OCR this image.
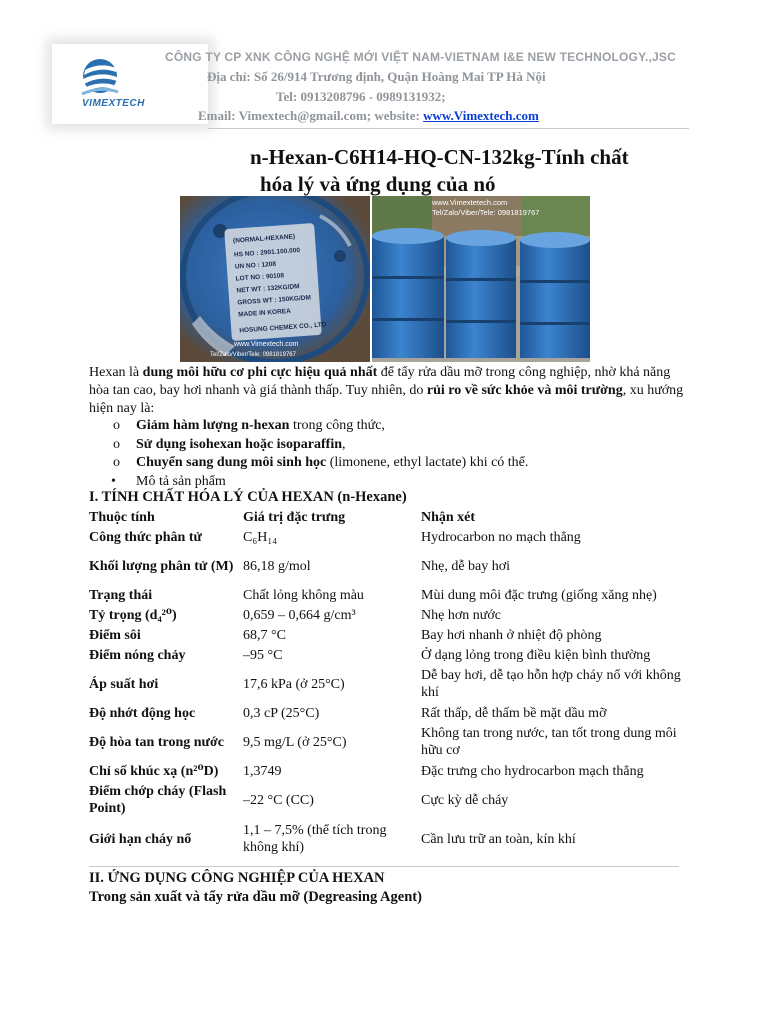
VIMEXTECH
CÔNG TY CP XNK CÔNG NGHỆ MỚI VIỆT NAM-VIETNAM I&E NEW TECHNOLOGY.,JSC
Địa chỉ: Số 26/914 Trương định, Quận Hoàng Mai TP Hà Nội
Tel: 0913208796 - 0989131932;
Email: Vimextech@gmail.com; website: www.Vimextech.com
n-Hexan-C6H14-HQ-CN-132kg-Tính chất
hóa lý và ứng dụng của nó
(NORMAL-HEXANE)
HS NO : 2901.100.000
UN NO : 1208
LOT NO : 90108
NET WT : 132KG/DM
GROSS WT : 150KG/DM
MADE IN KOREA
HOSUNG CHEMEX CO., LTD
www.Vimextech.com
Tel/Zalo/Viber/Tele: 0981819767
www.Vimextetech.com
Tel/Zalo/Viber/Tele: 0981819767
Hexan là dung môi hữu cơ phi cực hiệu quả nhất để tẩy rửa dầu mỡ trong công nghiệp, nhờ khả năng hòa tan cao, bay hơi nhanh và giá thành thấp. Tuy nhiên, do rủi ro về sức khỏe và môi trường, xu hướng hiện nay là:
o Giảm hàm lượng n-hexan trong công thức,
o Sử dụng isohexan hoặc isoparaffin,
o Chuyển sang dung môi sinh học (limonene, ethyl lactate) khi có thể.
• Mô tả sản phẩm
I. TÍNH CHẤT HÓA LÝ CỦA HEXAN (n-Hexane)
Thuộc tính	Giá trị đặc trưng	Nhận xét
Công thức phân tử	C₆H₁₄	Hydrocarbon no mạch thẳng
Khối lượng phân tử (M)	86,18 g/mol	Nhẹ, dễ bay hơi
Trạng thái	Chất lỏng không màu	Mùi dung môi đặc trưng (giống xăng nhẹ)
Tỷ trọng (d₄²⁰)	0,659 – 0,664 g/cm³	Nhẹ hơn nước
Điểm sôi	68,7 °C	Bay hơi nhanh ở nhiệt độ phòng
Điểm nóng chảy	–95 °C	Ở dạng lỏng trong điều kiện bình thường
Áp suất hơi	17,6 kPa (ở 25°C)	Dễ bay hơi, dễ tạo hỗn hợp cháy nổ với không khí
Độ nhớt động học	0,3 cP (25°C)	Rất thấp, dễ thấm bề mặt dầu mỡ
Độ hòa tan trong nước	9,5 mg/L (ở 25°C)	Không tan trong nước, tan tốt trong dung môi hữu cơ
Chỉ số khúc xạ (n²⁰D)	1,3749	Đặc trưng cho hydrocarbon mạch thẳng
Điểm chớp cháy (Flash Point)	–22 °C (CC)	Cực kỳ dễ cháy
Giới hạn cháy nổ	1,1 – 7,5% (thể tích trong không khí)	Cần lưu trữ an toàn, kín khí
II. ỨNG DỤNG CÔNG NGHIỆP CỦA HEXAN
Trong sản xuất và tẩy rửa dầu mỡ (Degreasing Agent)
